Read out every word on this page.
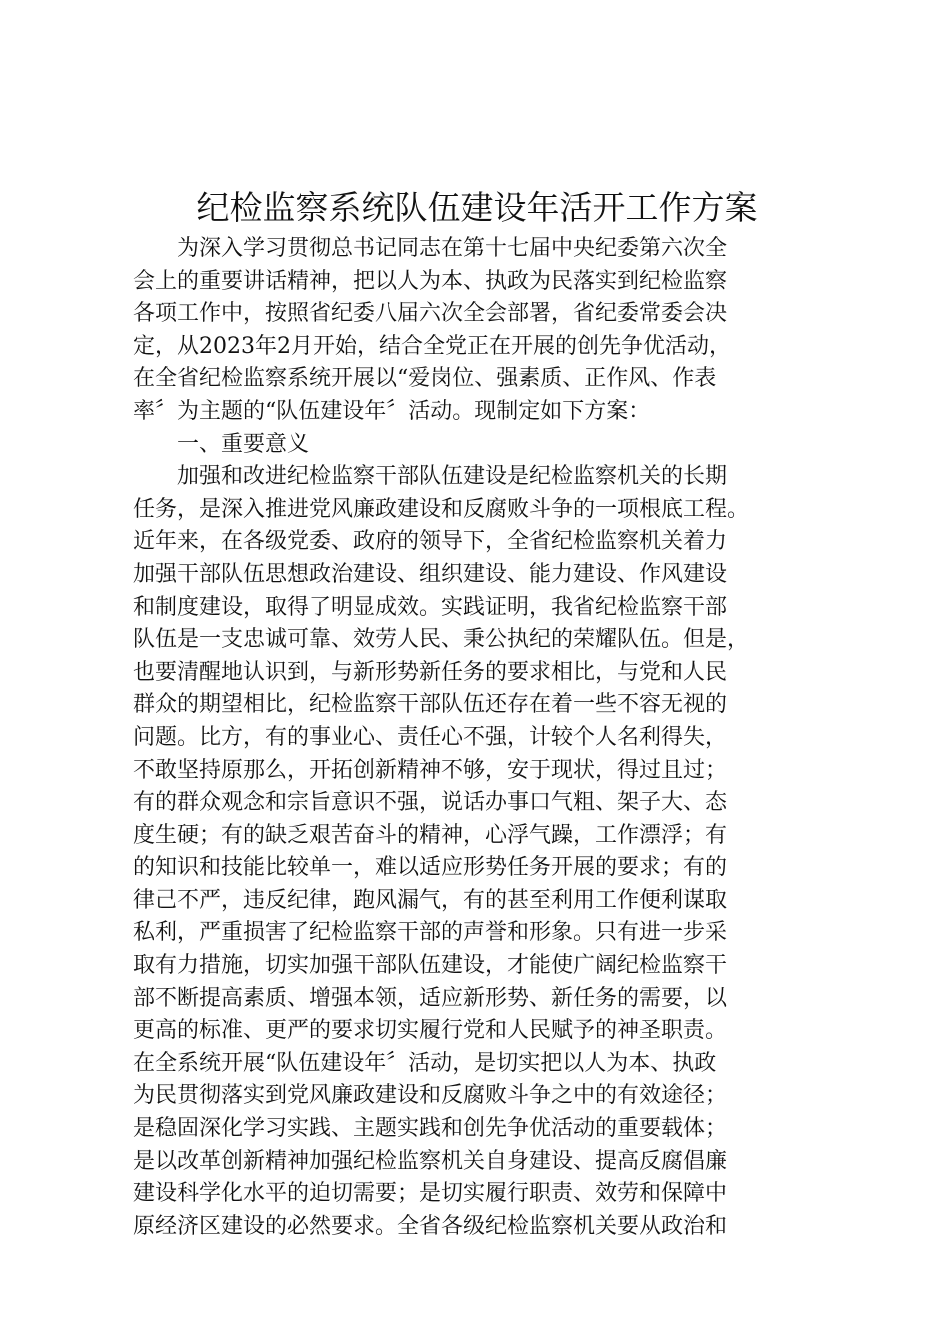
纪检监察系统队伍建设年活开工作方案
　　为深入学习贯彻总书记同志在第十七届中央纪委第六次全
会上的重要讲话精神，把以人为本、执政为民落实到纪检监察
各项工作中，按照省纪委八届六次全会部署，省纪委常委会决
定，从2023年2月开始，结合全党正在开展的创先争优活动，
在全省纪检监察系统开展以“爱岗位、强素质、正作风、作表
率〞为主题的“队伍建设年〞活动。现制定如下方案：
　　一、重要意义
　　加强和改进纪检监察干部队伍建设是纪检监察机关的长期
任务，是深入推进党风廉政建设和反腐败斗争的一项根底工程。
近年来，在各级党委、政府的领导下，全省纪检监察机关着力
加强干部队伍思想政治建设、组织建设、能力建设、作风建设
和制度建设，取得了明显成效。实践证明，我省纪检监察干部
队伍是一支忠诚可靠、效劳人民、秉公执纪的荣耀队伍。但是，
也要清醒地认识到，与新形势新任务的要求相比，与党和人民
群众的期望相比，纪检监察干部队伍还存在着一些不容无视的
问题。比方，有的事业心、责任心不强，计较个人名利得失，
不敢坚持原那么，开拓创新精神不够，安于现状，得过且过；
有的群众观念和宗旨意识不强，说话办事口气粗、架子大、态
度生硬；有的缺乏艰苦奋斗的精神，心浮气躁，工作漂浮；有
的知识和技能比较单一，难以适应形势任务开展的要求；有的
律己不严，违反纪律，跑风漏气，有的甚至利用工作便利谋取
私利，严重损害了纪检监察干部的声誉和形象。只有进一步采
取有力措施，切实加强干部队伍建设，才能使广阔纪检监察干
部不断提高素质、增强本领，适应新形势、新任务的需要，以
更高的标准、更严的要求切实履行党和人民赋予的神圣职责。
在全系统开展“队伍建设年〞活动，是切实把以人为本、执政
为民贯彻落实到党风廉政建设和反腐败斗争之中的有效途径；
是稳固深化学习实践、主题实践和创先争优活动的重要载体；
是以改革创新精神加强纪检监察机关自身建设、提高反腐倡廉
建设科学化水平的迫切需要；是切实履行职责、效劳和保障中
原经济区建设的必然要求。全省各级纪检监察机关要从政治和
